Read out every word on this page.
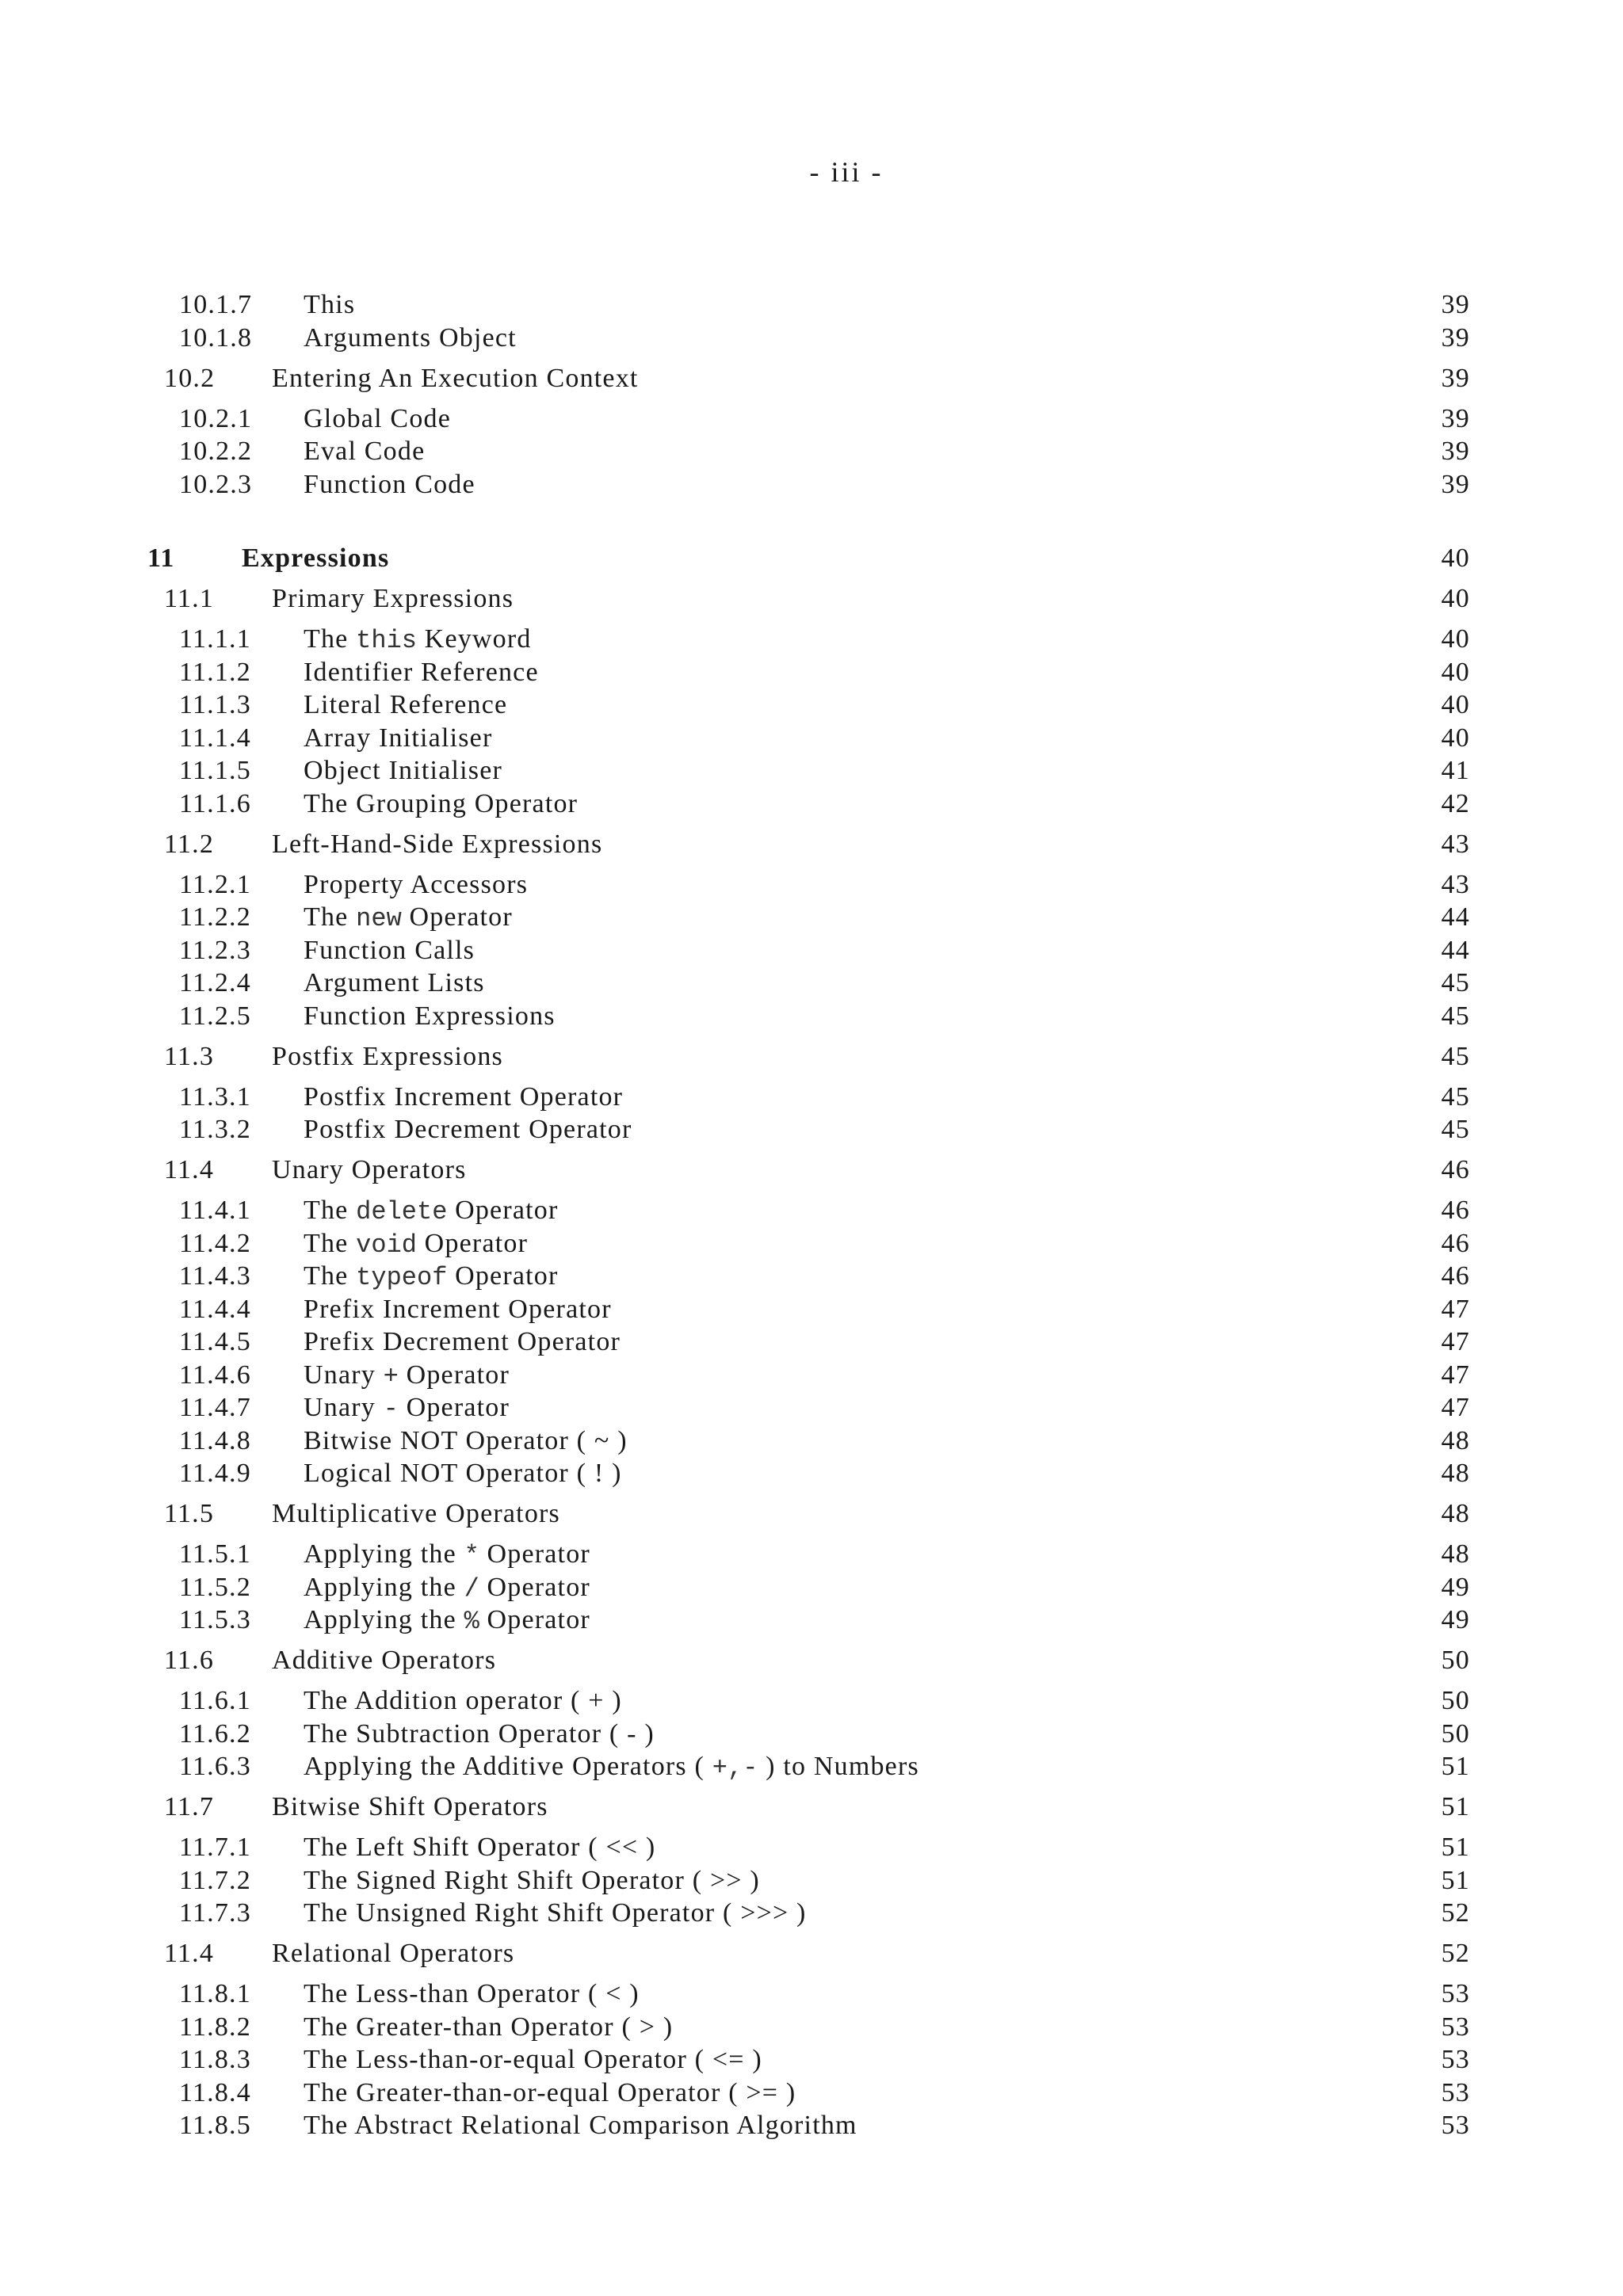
- iii -
10.1.7 This	39
10.1.8 Arguments Object	39
10.2 Entering An Execution Context	39
10.2.1 Global Code	39
10.2.2 Eval Code	39
10.2.3 Function Code	39
11 Expressions	40
11.1 Primary Expressions	40
11.1.1 The this Keyword	40
11.1.2 Identifier Reference	40
11.1.3 Literal Reference	40
11.1.4 Array Initialiser	40
11.1.5 Object Initialiser	41
11.1.6 The Grouping Operator	42
11.2 Left-Hand-Side Expressions	43
11.2.1 Property Accessors	43
11.2.2 The new Operator	44
11.2.3 Function Calls	44
11.2.4 Argument Lists	45
11.2.5 Function Expressions	45
11.3 Postfix Expressions	45
11.3.1 Postfix Increment Operator	45
11.3.2 Postfix Decrement Operator	45
11.4 Unary Operators	46
11.4.1 The delete Operator	46
11.4.2 The void Operator	46
11.4.3 The typeof Operator	46
11.4.4 Prefix Increment Operator	47
11.4.5 Prefix Decrement Operator	47
11.4.6 Unary + Operator	47
11.4.7 Unary - Operator	47
11.4.8 Bitwise NOT Operator ( ~ )	48
11.4.9 Logical NOT Operator ( ! )	48
11.5 Multiplicative Operators	48
11.5.1 Applying the * Operator	48
11.5.2 Applying the / Operator	49
11.5.3 Applying the % Operator	49
11.6 Additive Operators	50
11.6.1 The Addition operator ( + )	50
11.6.2 The Subtraction Operator ( - )	50
11.6.3 Applying the Additive Operators ( +,- ) to Numbers	51
11.7 Bitwise Shift Operators	51
11.7.1 The Left Shift Operator ( << )	51
11.7.2 The Signed Right Shift Operator ( >> )	51
11.7.3 The Unsigned Right Shift Operator ( >>> )	52
11.4 Relational Operators	52
11.8.1 The Less-than Operator ( < )	53
11.8.2 The Greater-than Operator ( > )	53
11.8.3 The Less-than-or-equal Operator ( <= )	53
11.8.4 The Greater-than-or-equal Operator ( >= )	53
11.8.5 The Abstract Relational Comparison Algorithm	53
